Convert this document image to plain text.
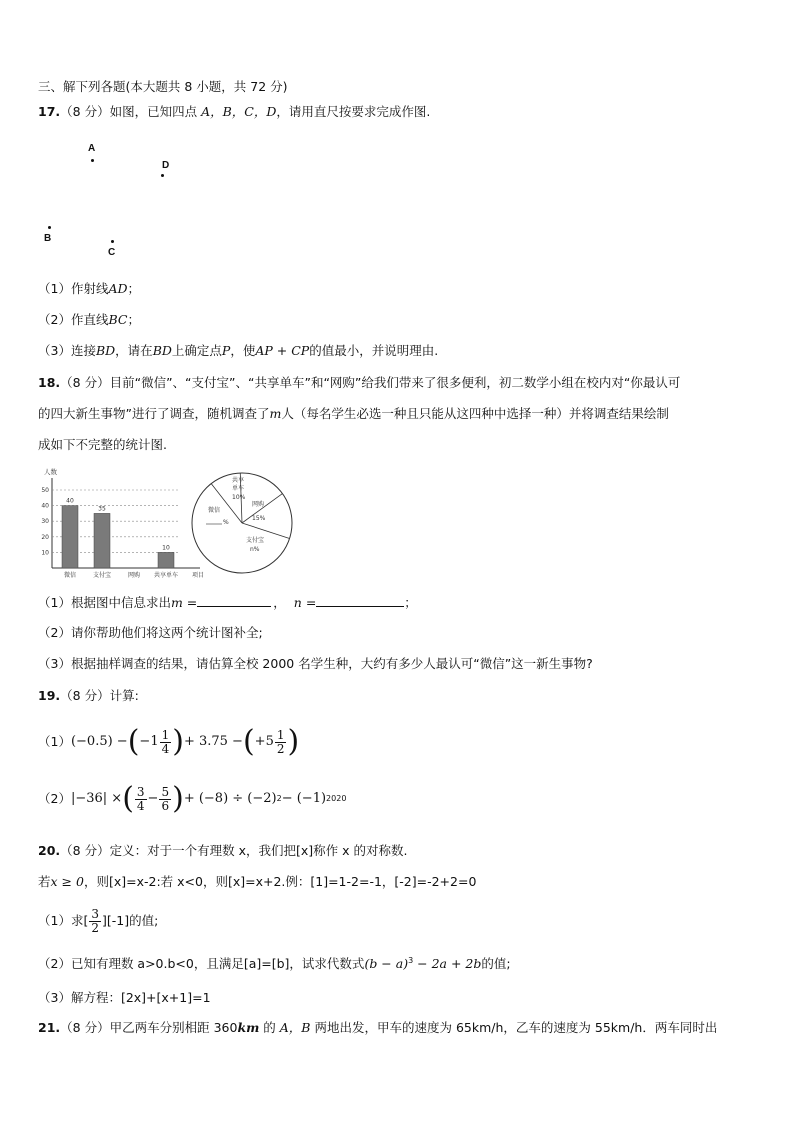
三、解下列各题(本大题共 8 小题，共 72 分)
17.（8 分）如图，已知四点 A，B，C，D，请用直尺按要求完成作图.
A
D
B
C
（1）作射线AD；
（2）作直线BC；
（3）连接BD，请在BD上确定点P，使AP + CP的值最小，并说明理由.
18.（8 分）目前“微信”、“支付宝”、“共享单车”和“网购”给我们带来了很多便利，初二数学小组在校内对“你最认可
的四大新生事物”进行了调查，随机调查了m人（每名学生必选一种且只能从这四种中选择一种）并将调查结果绘制
成如下不完整的统计图.
人数
项目
10
20
30
40
50
40
微信
35
支付宝	网购
10
共享单车
共享
单车
10%
网购
15%
支付宝
n%
微信
%
（1）根据图中信息求出m =	， n =	；
（2）请你帮助他们将这两个统计图补全;
（3）根据抽样调查的结果，请估算全校 2000 名学生种，大约有多少人最认可“微信”这一新生事物?
19.（8 分）计算:
（1） (−0.5) − ( $-1 \frac{1}{4}$ ) + 3.75 − ( $+5 \frac{1}{2}$ )
（2） |−36| × ( $\frac{3}{4} - \frac{5}{6}$ ) + (−8) ÷ (−2) 2 − (−1) 2020
20.（8 分）定义：对于一个有理数 x，我们把[x]称作 x 的对称数.
若x ≥ 0，则[x]=x-2:若 x<0，则[x]=x+2.例：[1]=1-2=-1，[-2]=-2+2=0
（1）求[ $\frac{3}{2} ][-1]$的值;
（2）已知有理数 a>0.b<0，且满足[a]=[b]，试求代数式$(b - a)^3 - 2a + 2b$的值;
（3）解方程：[2x]+[x+1]=1
21.（8 分）甲乙两车分别相距 360km 的 A，B 两地出发，甲车的速度为 65km/h，乙车的速度为 55km/h．两车同时出
